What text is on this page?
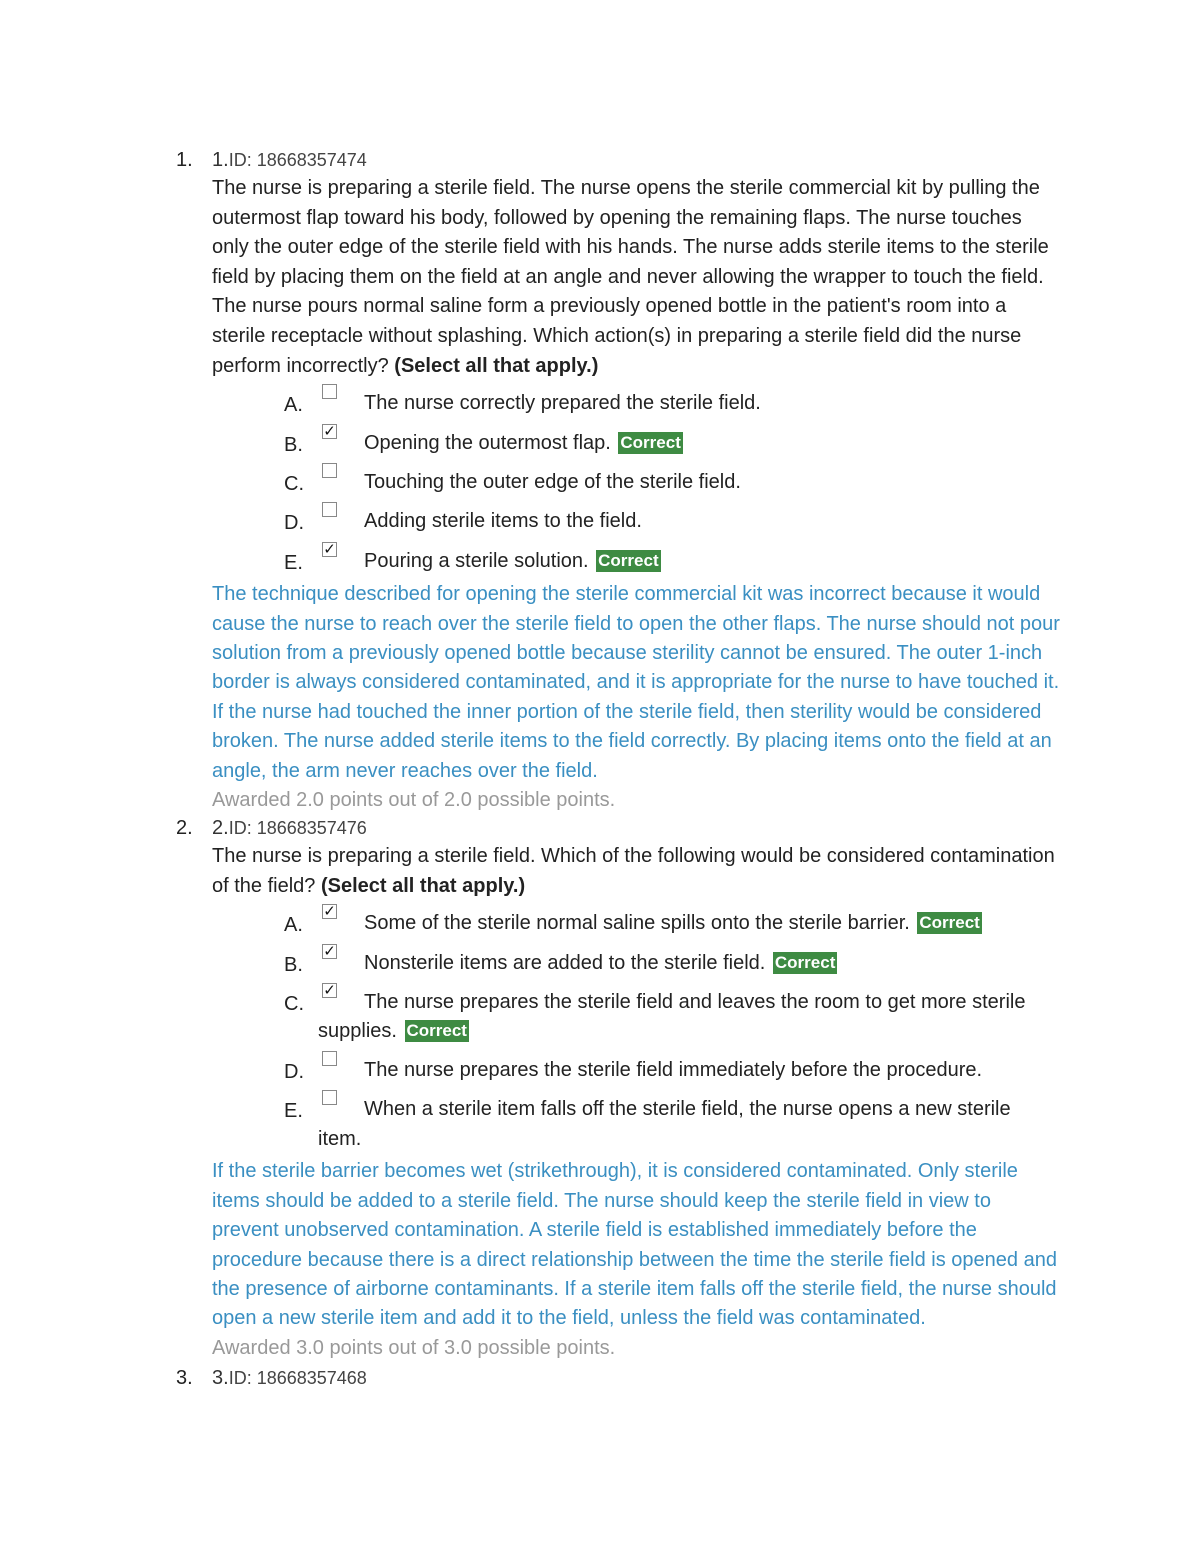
1. 1.ID: 18668357474
The nurse is preparing a sterile field. The nurse opens the sterile commercial kit by pulling the outermost flap toward his body, followed by opening the remaining flaps. The nurse touches only the outer edge of the sterile field with his hands. The nurse adds sterile items to the sterile field by placing them on the field at an angle and never allowing the wrapper to touch the field. The nurse pours normal saline form a previously opened bottle in the patient's room into a sterile receptacle without splashing. Which action(s) in preparing a sterile field did the nurse perform incorrectly? (Select all that apply.)
A.	The nurse correctly prepared the sterile field.
B.
✓
Opening the outermost flap. Correct
C.	Touching the outer edge of the sterile field.
D.	Adding sterile items to the field.
E.
✓
Pouring a sterile solution. Correct
The technique described for opening the sterile commercial kit was incorrect because it would cause the nurse to reach over the sterile field to open the other flaps. The nurse should not pour solution from a previously opened bottle because sterility cannot be ensured. The outer 1-inch border is always considered contaminated, and it is appropriate for the nurse to have touched it. If the nurse had touched the inner portion of the sterile field, then sterility would be considered broken. The nurse added sterile items to the field correctly. By placing items onto the field at an angle, the arm never reaches over the field.
Awarded 2.0 points out of 2.0 possible points.
2. 2.ID: 18668357476
The nurse is preparing a sterile field. Which of the following would be considered contamination of the field? (Select all that apply.)
A.
✓
Some of the sterile normal saline spills onto the sterile barrier. Correct
B.
✓
Nonsterile items are added to the sterile field. Correct
C.
✓
The nurse prepares the sterile field and leaves the room to get more sterile
supplies. Correct
D.	The nurse prepares the sterile field immediately before the procedure.
E.	When a sterile item falls off the sterile field, the nurse opens a new sterile
item.
If the sterile barrier becomes wet (strikethrough), it is considered contaminated. Only sterile items should be added to a sterile field. The nurse should keep the sterile field in view to prevent unobserved contamination. A sterile field is established immediately before the procedure because there is a direct relationship between the time the sterile field is opened and the presence of airborne contaminants. If a sterile item falls off the sterile field, the nurse should open a new sterile item and add it to the field, unless the field was contaminated.
Awarded 3.0 points out of 3.0 possible points.
3. 3.ID: 18668357468
